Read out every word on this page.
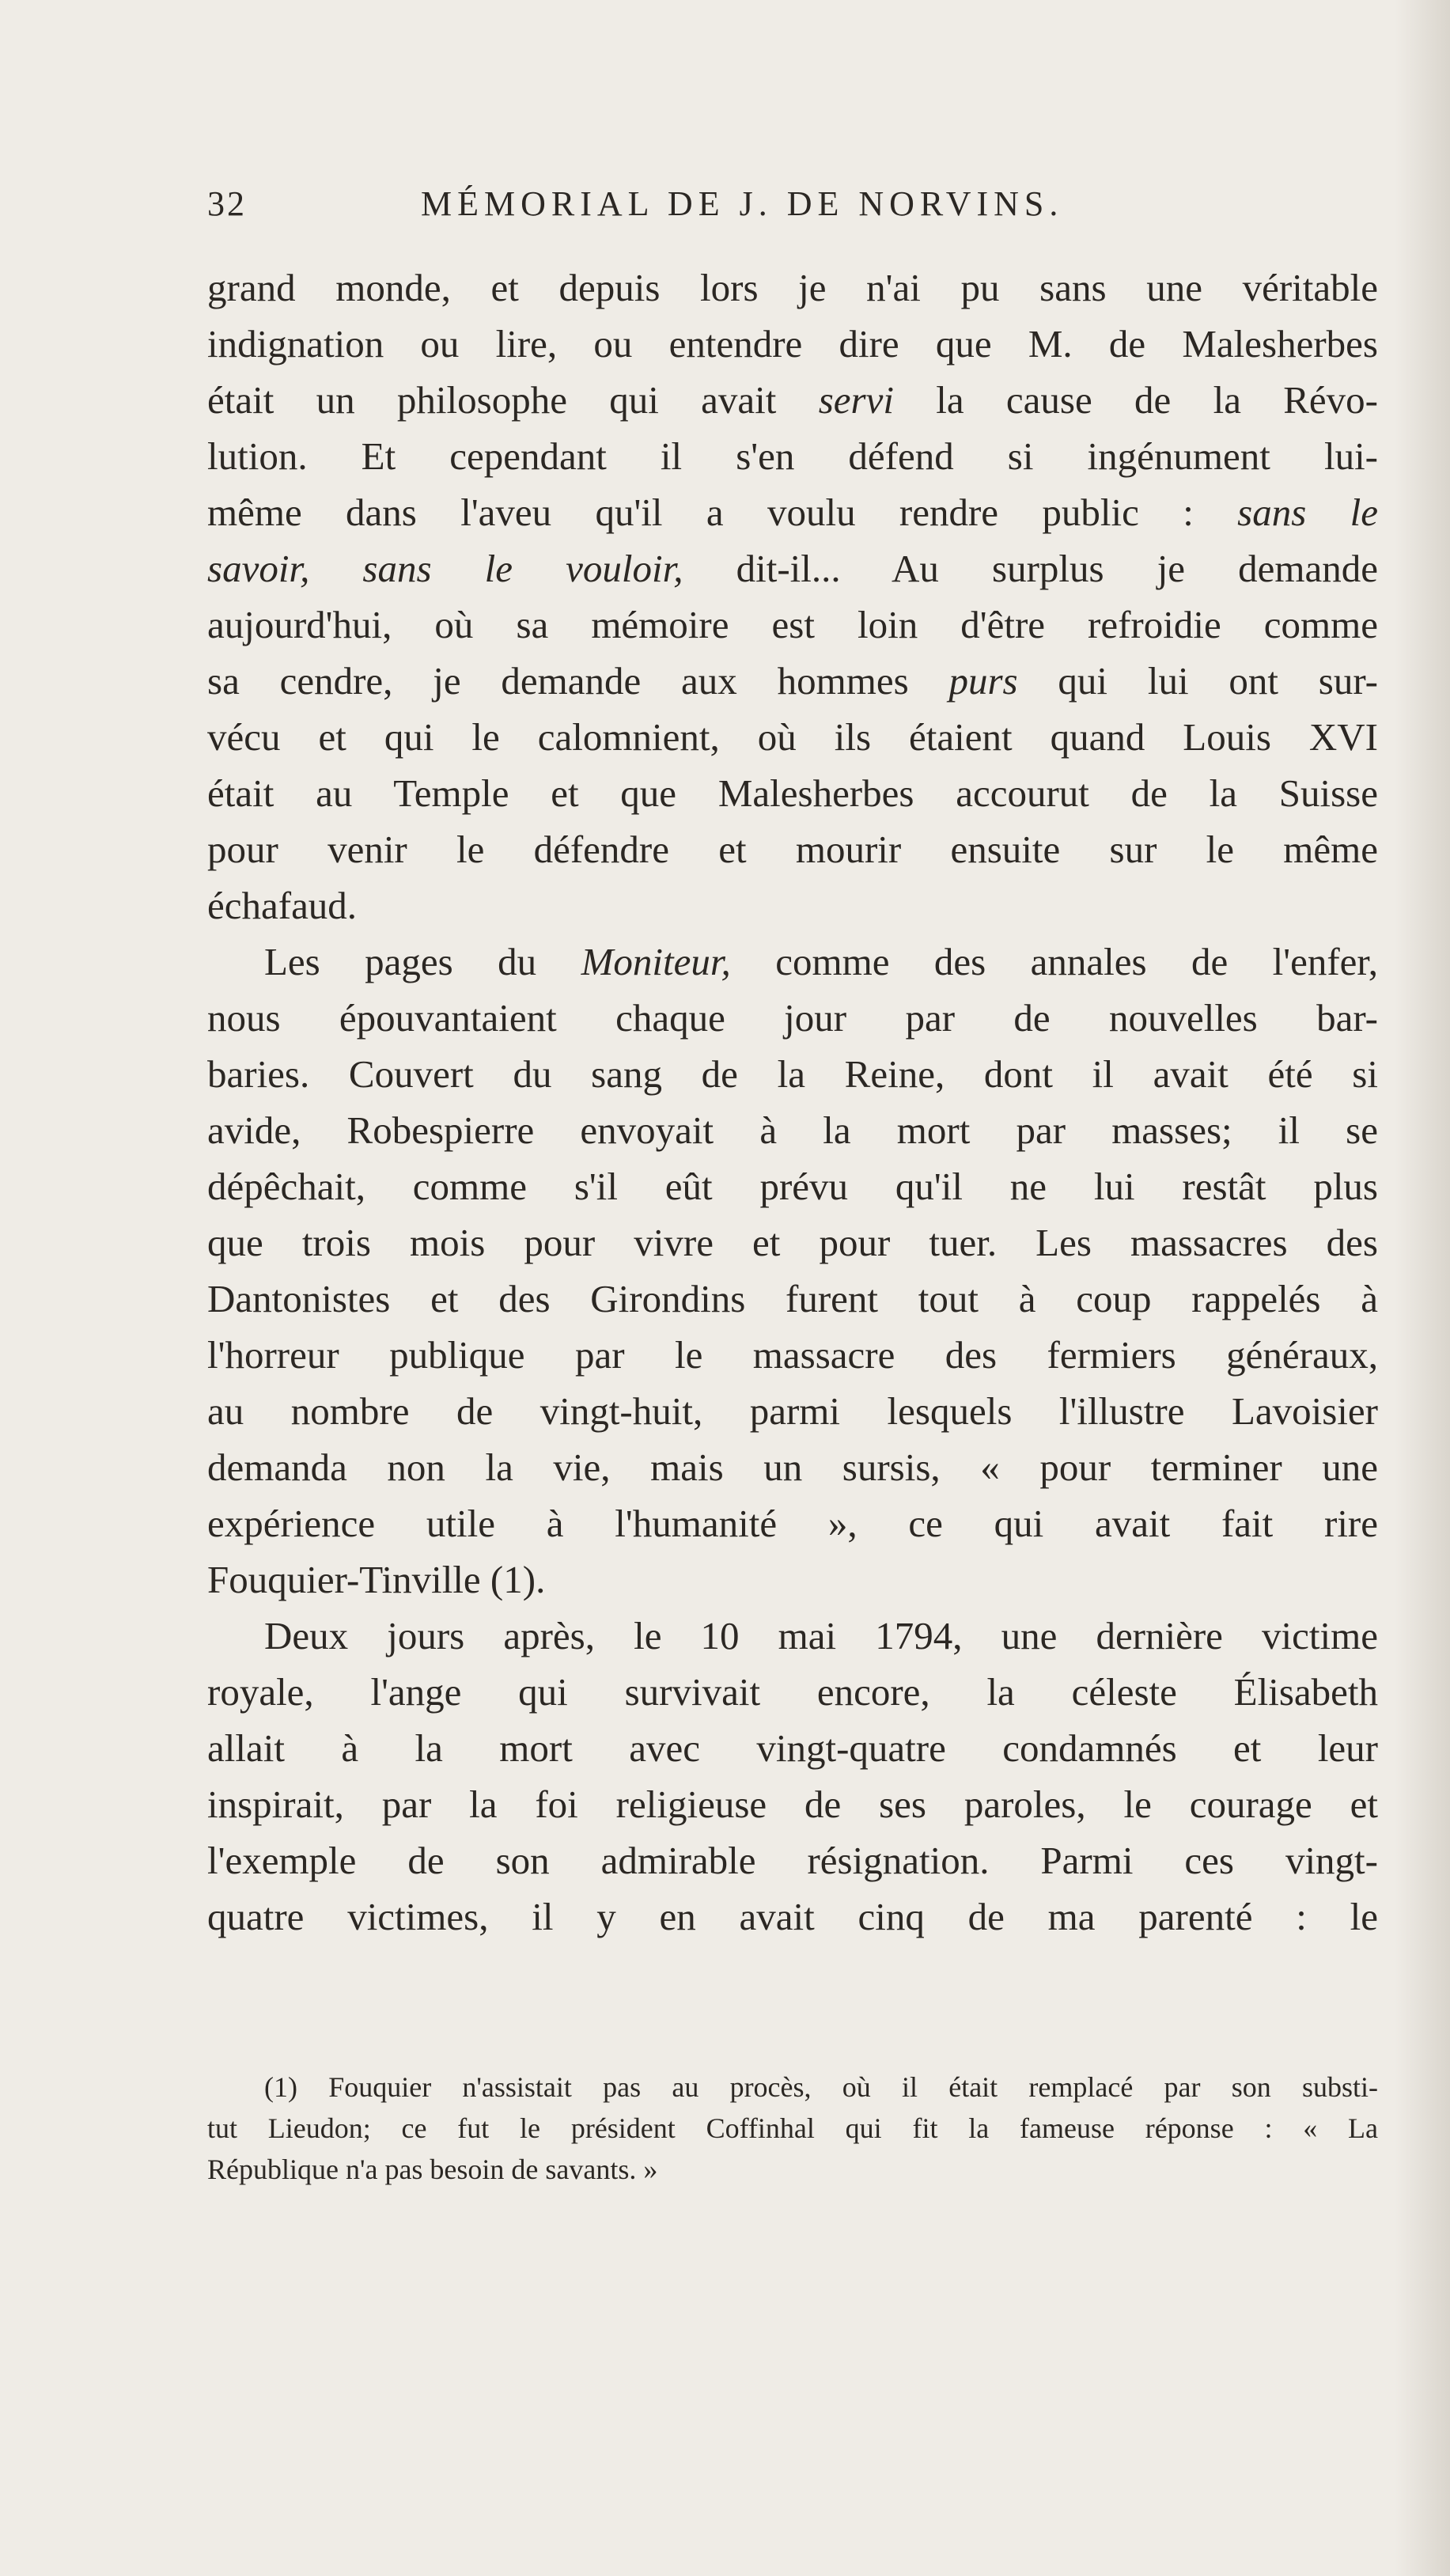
32	MÉMORIAL DE J. DE NORVINS.
grand monde, et depuis lors je n'ai pu sans une véritable
indignation ou lire, ou entendre dire que M. de Malesherbes
était un philosophe qui avait servi la cause de la Révo-
lution. Et cependant il s'en défend si ingénument lui-
même dans l'aveu qu'il a voulu rendre public : sans le
savoir, sans le vouloir, dit-il... Au surplus je demande
aujourd'hui, où sa mémoire est loin d'être refroidie comme
sa cendre, je demande aux hommes purs qui lui ont sur-
vécu et qui le calomnient, où ils étaient quand Louis XVI
était au Temple et que Malesherbes accourut de la Suisse
pour venir le défendre et mourir ensuite sur le même
échafaud.
Les pages du Moniteur, comme des annales de l'enfer,
nous épouvantaient chaque jour par de nouvelles bar-
baries. Couvert du sang de la Reine, dont il avait été si
avide, Robespierre envoyait à la mort par masses; il se
dépêchait, comme s'il eût prévu qu'il ne lui restât plus
que trois mois pour vivre et pour tuer. Les massacres des
Dantonistes et des Girondins furent tout à coup rappelés à
l'horreur publique par le massacre des fermiers généraux,
au nombre de vingt-huit, parmi lesquels l'illustre Lavoisier
demanda non la vie, mais un sursis, « pour terminer une
expérience utile à l'humanité », ce qui avait fait rire
Fouquier-Tinville (1).
Deux jours après, le 10 mai 1794, une dernière victime
royale, l'ange qui survivait encore, la céleste Élisabeth
allait à la mort avec vingt-quatre condamnés et leur
inspirait, par la foi religieuse de ses paroles, le courage et
l'exemple de son admirable résignation. Parmi ces vingt-
quatre victimes, il y en avait cinq de ma parenté : le
(1) Fouquier n'assistait pas au procès, où il était remplacé par son substi-
tut Lieudon; ce fut le président Coffinhal qui fit la fameuse réponse : « La
République n'a pas besoin de savants. »
